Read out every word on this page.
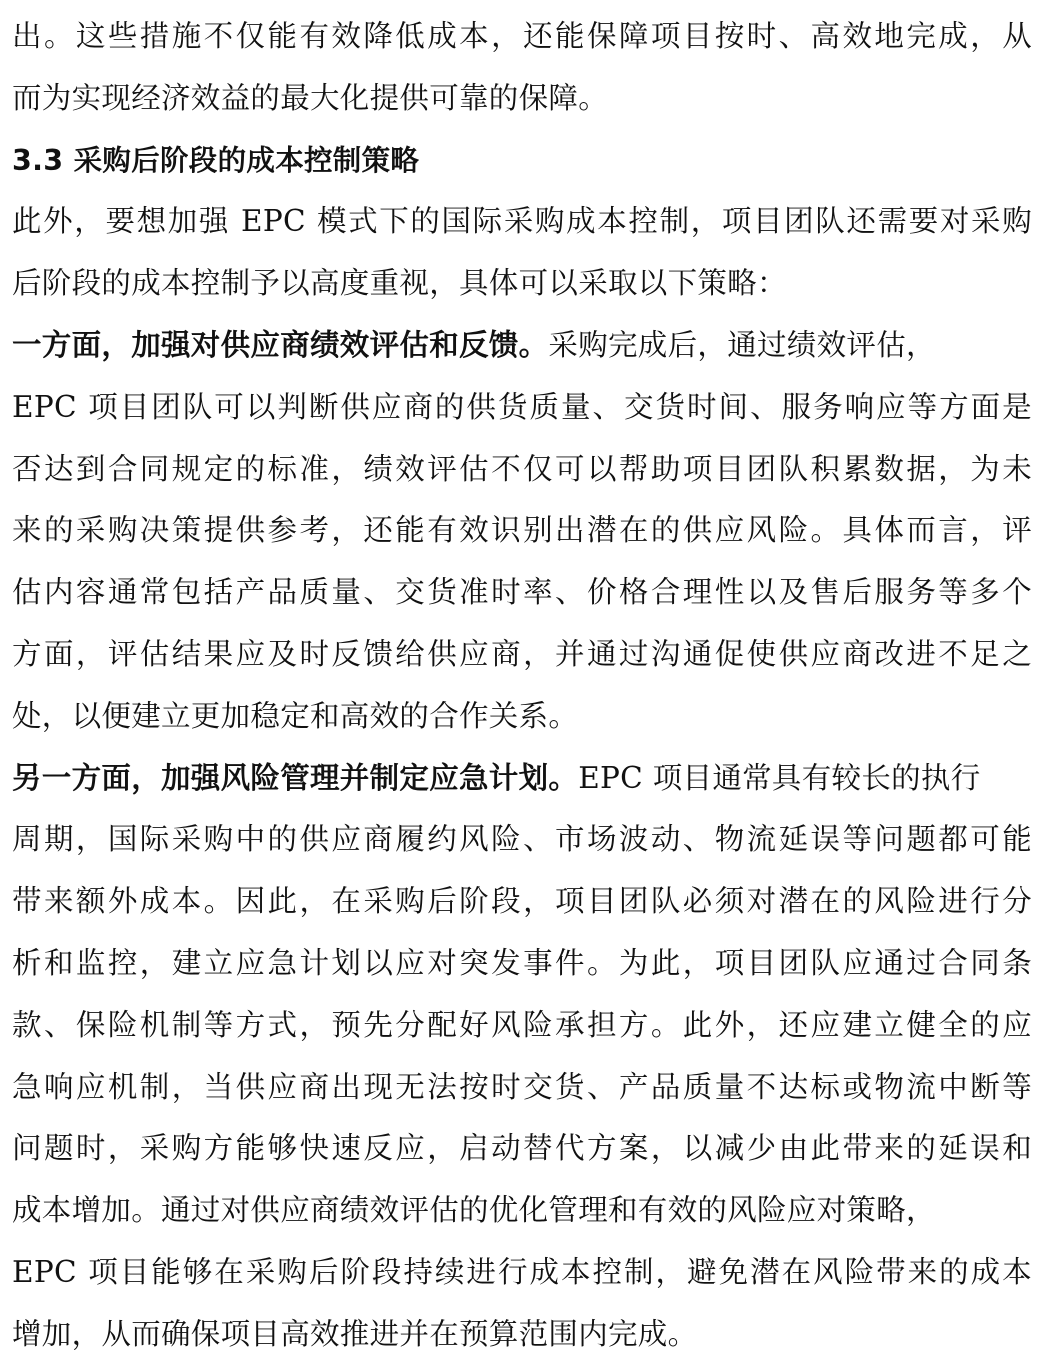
出。这些措施不仅能有效降低成本，还能保障项目按时、高效地完成，从
而为实现经济效益的最大化提供可靠的保障。
3.3 采购后阶段的成本控制策略
此外，要想加强 EPC 模式下的国际采购成本控制，项目团队还需要对采购
后阶段的成本控制予以高度重视，具体可以采取以下策略：
一方面，加强对供应商绩效评估和反馈。采购完成后，通过绩效评估，
EPC 项目团队可以判断供应商的供货质量、交货时间、服务响应等方面是
否达到合同规定的标准，绩效评估不仅可以帮助项目团队积累数据，为未
来的采购决策提供参考，还能有效识别出潜在的供应风险。具体而言，评
估内容通常包括产品质量、交货准时率、价格合理性以及售后服务等多个
方面，评估结果应及时反馈给供应商，并通过沟通促使供应商改进不足之
处，以便建立更加稳定和高效的合作关系。
另一方面，加强风险管理并制定应急计划。EPC 项目通常具有较长的执行
周期，国际采购中的供应商履约风险、市场波动、物流延误等问题都可能
带来额外成本。因此，在采购后阶段，项目团队必须对潜在的风险进行分
析和监控，建立应急计划以应对突发事件。为此，项目团队应通过合同条
款、保险机制等方式，预先分配好风险承担方。此外，还应建立健全的应
急响应机制，当供应商出现无法按时交货、产品质量不达标或物流中断等
问题时，采购方能够快速反应，启动替代方案，以减少由此带来的延误和
成本增加。通过对供应商绩效评估的优化管理和有效的风险应对策略，
EPC 项目能够在采购后阶段持续进行成本控制，避免潜在风险带来的成本
增加，从而确保项目高效推进并在预算范围内完成。
